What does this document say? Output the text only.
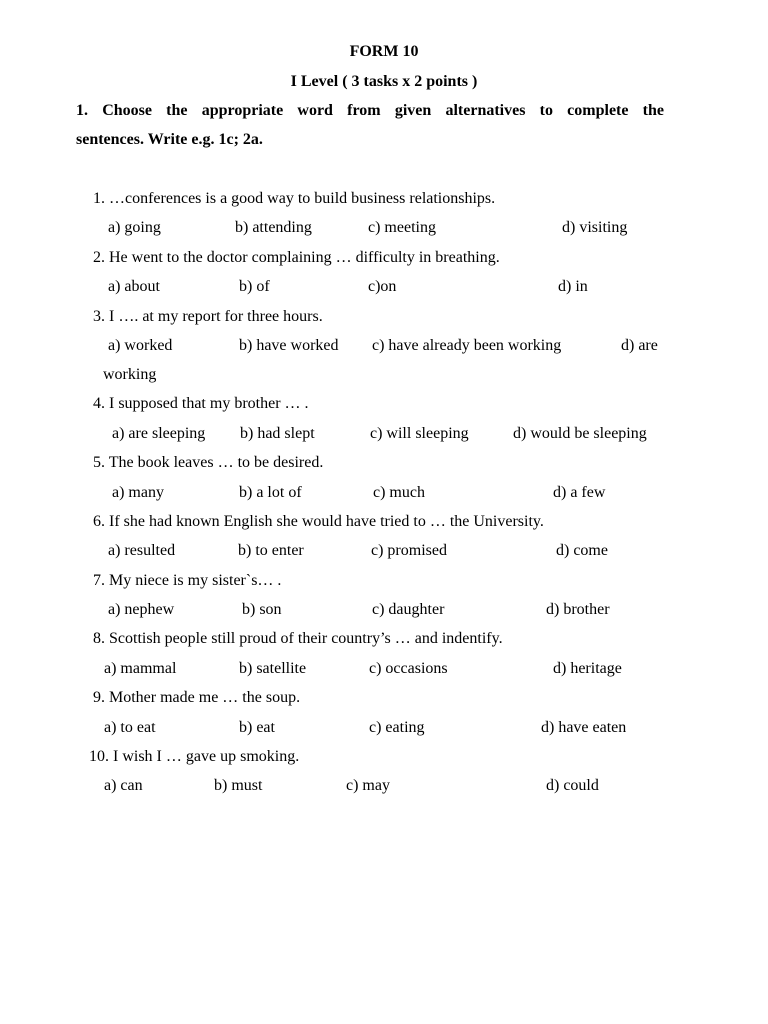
FORM 10
I Level ( 3 tasks x 2 points )
1. Choose the appropriate word from given alternatives to complete the
sentences. Write e.g. 1c; 2a.
1. …conferences is a good way to build business relationships.
a) going	b) attending	c) meeting	d) visiting
2. He went to the doctor complaining … difficulty in breathing.
a) about	b) of	c)on	d) in
3. I …. at my report for three hours.
a) worked	b) have worked c) have already been working	d) are
working
4. I supposed that my brother … .
a) are sleeping b) had slept	c) will sleeping	d) would be sleeping
5. The book leaves … to be desired.
a) many	b) a lot of	c) much	d) a few
6. If she had known English she would have tried to … the University.
a) resulted	b) to enter	c) promised	d) come
7. My niece is my sister`s… .
a) nephew	b) son	c) daughter	d) brother
8. Scottish people still proud of their country’s … and indentify.
a) mammal	b) satellite	c) occasions	d) heritage
9. Mother made me … the soup.
a) to eat	b) eat	c) eating	d) have eaten
10. I wish I … gave up smoking.
a) can	b) must	c) may	d) could
